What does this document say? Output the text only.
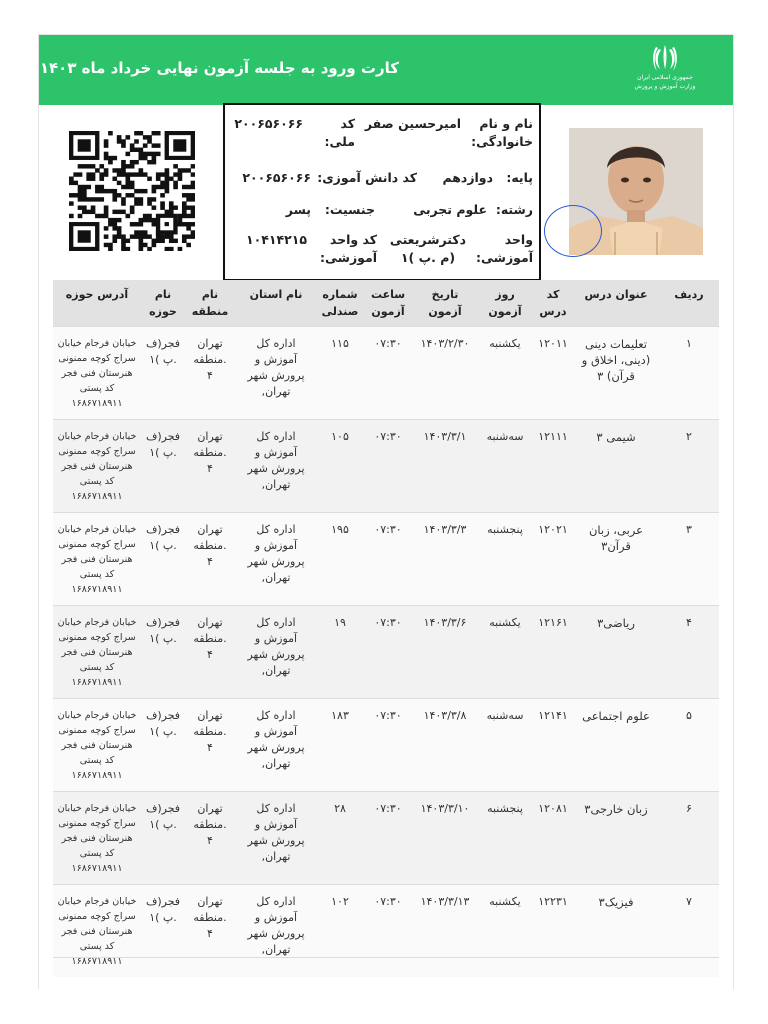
جمهوری اسلامی ایران
وزارت آموزش و پرورش
کارت ورود به جلسه آزمون نهایی خرداد ماه ۱۴۰۳
نام و نام خانوادگی:
امیرحسین صفر
کد ملی:
۲۰۰۶۵۶۰۶۶
پایه:
دوازدهم
کد دانش آموزی:
۲۰۰۶۵۶۰۶۶
رشته:
علوم تجربی
جنسیت:
پسر
واحد آموزشی:
دکترشریعتی (م .پ )۱
کد واحد آموزشی:
۱۰۴۱۴۲۱۵
ردیف	عنوان درس	کد درس	روز آزمون	تاریخ آزمون	ساعت آزمون	شماره صندلی	نام استان	نام منطقه	نام حوزه	آدرس حوزه
۱	تعلیمات دینی (دینی، اخلاق و قرآن) ۳	۱۲۰۱۱	یکشنبه	۱۴۰۳/۲/۳۰	۰۷:۳۰	۱۱۵	اداره کل آموزش و پرورش شهر تهران,	تهران .منطقه ۴	فجر(ف .پ )۱	خیابان فرجام خیابان سراج کوچه ممنونی هنرستان فنی فجر کد پستی ۱۶۸۶۷۱۸۹۱۱
۲	شیمی ۳	۱۲۱۱۱	سه‌شنبه	۱۴۰۳/۳/۱	۰۷:۳۰	۱۰۵	اداره کل آموزش و پرورش شهر تهران,	تهران .منطقه ۴	فجر(ف .پ )۱	خیابان فرجام خیابان سراج کوچه ممنونی هنرستان فنی فجر کد پستی ۱۶۸۶۷۱۸۹۱۱
۳	عربی، زبان قرآن۳	۱۲۰۲۱	پنجشنبه	۱۴۰۳/۳/۳	۰۷:۳۰	۱۹۵	اداره کل آموزش و پرورش شهر تهران,	تهران .منطقه ۴	فجر(ف .پ )۱	خیابان فرجام خیابان سراج کوچه ممنونی هنرستان فنی فجر کد پستی ۱۶۸۶۷۱۸۹۱۱
۴	ریاضی۳	۱۲۱۶۱	یکشنبه	۱۴۰۳/۳/۶	۰۷:۳۰	۱۹	اداره کل آموزش و پرورش شهر تهران,	تهران .منطقه ۴	فجر(ف .پ )۱	خیابان فرجام خیابان سراج کوچه ممنونی هنرستان فنی فجر کد پستی ۱۶۸۶۷۱۸۹۱۱
۵	علوم اجتماعی	۱۲۱۴۱	سه‌شنبه	۱۴۰۳/۳/۸	۰۷:۳۰	۱۸۳	اداره کل آموزش و پرورش شهر تهران,	تهران .منطقه ۴	فجر(ف .پ )۱	خیابان فرجام خیابان سراج کوچه ممنونی هنرستان فنی فجر کد پستی ۱۶۸۶۷۱۸۹۱۱
۶	زبان خارجی۳	۱۲۰۸۱	پنجشنبه	۱۴۰۳/۳/۱۰	۰۷:۳۰	۲۸	اداره کل آموزش و پرورش شهر تهران,	تهران .منطقه ۴	فجر(ف .پ )۱	خیابان فرجام خیابان سراج کوچه ممنونی هنرستان فنی فجر کد پستی ۱۶۸۶۷۱۸۹۱۱
۷	فیزیک۳	۱۲۲۳۱	یکشنبه	۱۴۰۳/۳/۱۳	۰۷:۳۰	۱۰۲	اداره کل آموزش و پرورش شهر تهران,	تهران .منطقه ۴	فجر(ف .پ )۱	خیابان فرجام خیابان سراج کوچه ممنونی هنرستان فنی فجر کد پستی ۱۶۸۶۷۱۸۹۱۱
